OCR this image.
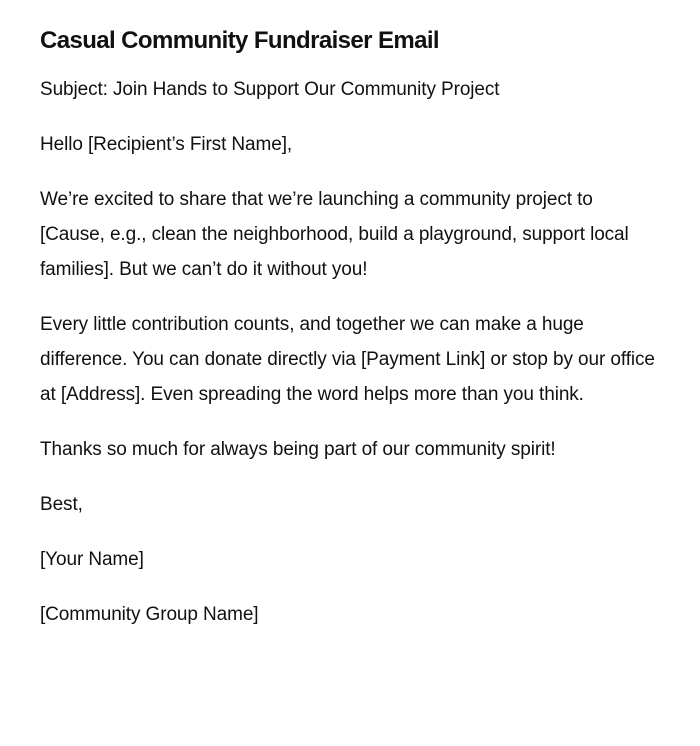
Casual Community Fundraiser Email

Subject: Join Hands to Support Our Community Project

Hello [Recipient’s First Name],

We’re excited to share that we’re launching a community project to [Cause, e.g., clean the neighborhood, build a playground, support local families]. But we can’t do it without you!

Every little contribution counts, and together we can make a huge difference. You can donate directly via [Payment Link] or stop by our office at [Address]. Even spreading the word helps more than you think.

Thanks so much for always being part of our community spirit!

Best,

[Your Name]

[Community Group Name]
